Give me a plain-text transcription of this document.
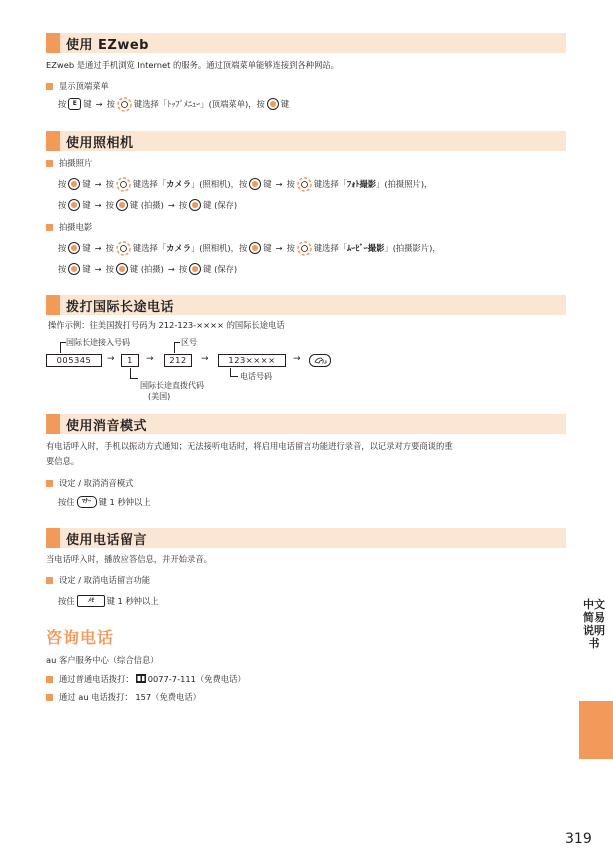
使用 EZweb
EZweb 是通过手机浏览 Internet 的服务。通过顶端菜单能够连接到各种网站。
显示顶端菜单
按	E 键 → 按 键选择「ﾄｯﾌﾟﾒﾆｭｰ」(顶端菜单)，按 键
使用照相机
拍摄照片
按 键 → 按 键选择「 カメラ 」(照相机)，按 键 → 按 键选择「 ﾌｫﾄ撮影 」(拍摄照片)，
按 键 → 按 键 (拍摄) → 按 键 (保存)
拍摄电影
按 键 → 按 键选择「 カメラ 」(照相机)，按 键 → 按 键选择「 ﾑｰﾋﾞｰ撮影 」(拍摄影片)，
按 键 → 按 键 (拍摄) → 按 键 (保存)
拨打国际长途电话
操作示例：往美国拨打号码为 212-123-×××× 的国际长途电话
国际长途接入号码	区号
005345	→	1	→	212	→	123××××	→	AP
国际长途直拨代码
(美国)
电话号码
使用消音模式
有电话呼入时，手机以振动方式通知；无法接听电话时，将启用电话留言功能进行录音，以记录对方要商谈的重
要信息。
设定 / 取消消音模式
按住	ﾏﾅｰ 键 1 秒钟以上
使用电话留言
当电话呼入时，播放应答信息，并开始录音。
设定 / 取消电话留言功能
按住	ﾒﾓ	键 1 秒钟以上
咨询电话
au 客户服务中心（综合信息）
通过普通电话拨打： 0077-7-111（免费电话）
通过 au 电话拨打： 157（免费电话）
中文简易说明书
319
